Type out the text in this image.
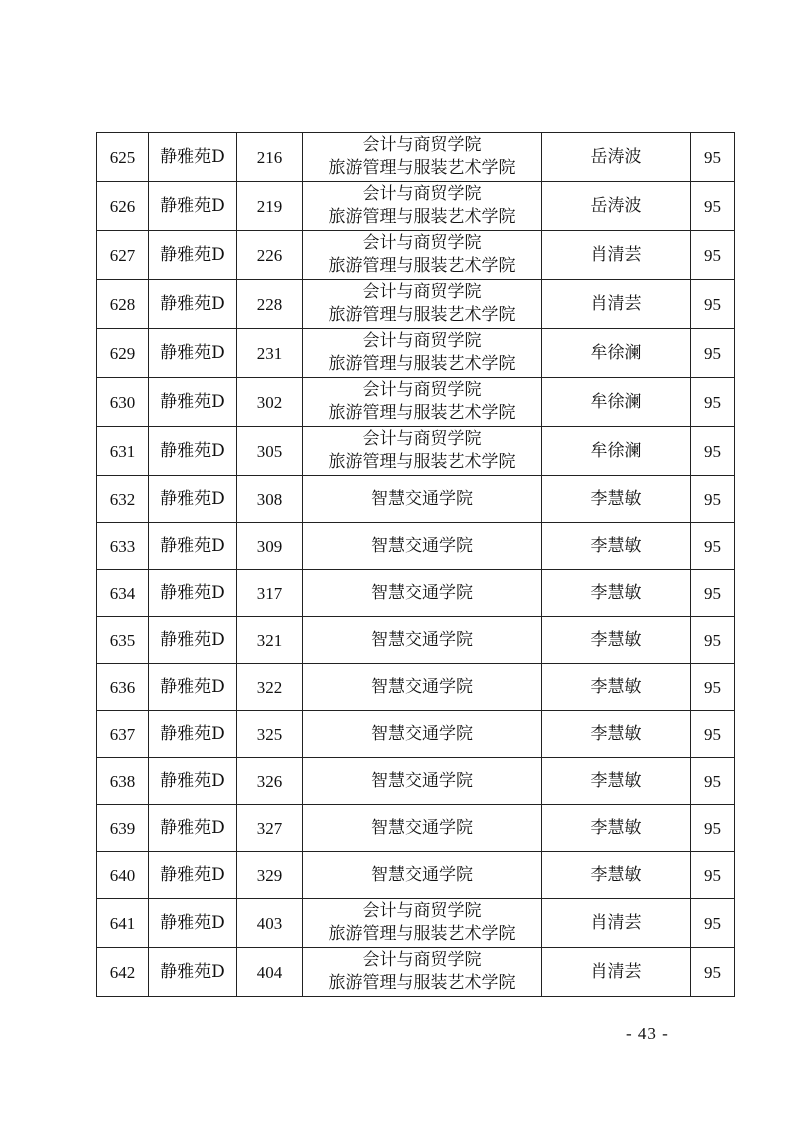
625	静雅苑D	216	会计与商贸学院
旅游管理与服装艺术学院	岳涛波	95
626	静雅苑D	219	会计与商贸学院
旅游管理与服装艺术学院	岳涛波	95
627	静雅苑D	226	会计与商贸学院
旅游管理与服装艺术学院	肖清芸	95
628	静雅苑D	228	会计与商贸学院
旅游管理与服装艺术学院	肖清芸	95
629	静雅苑D	231	会计与商贸学院
旅游管理与服装艺术学院	牟徐澜	95
630	静雅苑D	302	会计与商贸学院
旅游管理与服装艺术学院	牟徐澜	95
631	静雅苑D	305	会计与商贸学院
旅游管理与服装艺术学院	牟徐澜	95
632	静雅苑D	308	智慧交通学院	李慧敏	95
633	静雅苑D	309	智慧交通学院	李慧敏	95
634	静雅苑D	317	智慧交通学院	李慧敏	95
635	静雅苑D	321	智慧交通学院	李慧敏	95
636	静雅苑D	322	智慧交通学院	李慧敏	95
637	静雅苑D	325	智慧交通学院	李慧敏	95
638	静雅苑D	326	智慧交通学院	李慧敏	95
639	静雅苑D	327	智慧交通学院	李慧敏	95
640	静雅苑D	329	智慧交通学院	李慧敏	95
641	静雅苑D	403	会计与商贸学院
旅游管理与服装艺术学院	肖清芸	95
642	静雅苑D	404	会计与商贸学院
旅游管理与服装艺术学院	肖清芸	95
- 43 -
